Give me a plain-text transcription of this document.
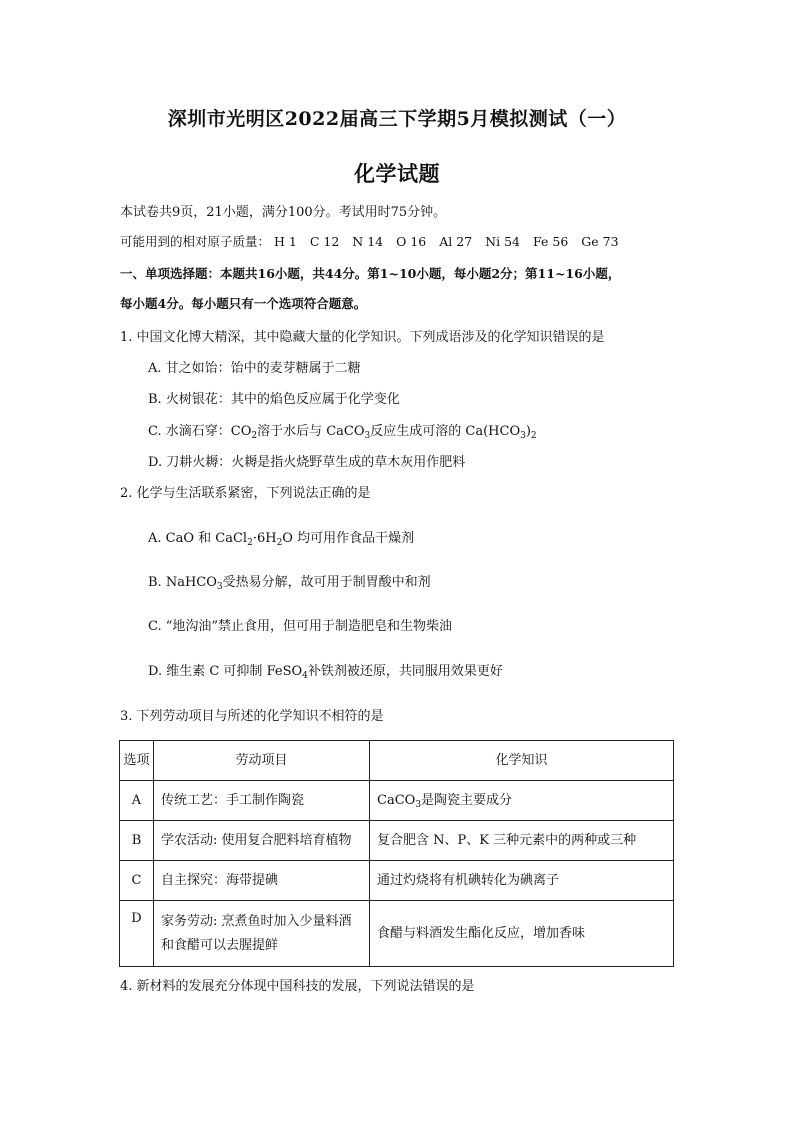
深圳市光明区2022届高三下学期5月模拟测试（一）
化学试题
本试卷共9页，21小题，满分100分。考试用时75分钟。
可能用到的相对原子质量： H 1 C 12 N 14 O 16 Al 27 Ni 54 Fe 56 Ge 73
一、单项选择题：本题共16小题，共44分。第1~10小题，每小题2分；第11~16小题，
每小题4分。每小题只有一个选项符合题意。
1. 中国文化博大精深，其中隐藏大量的化学知识。下列成语涉及的化学知识错误的是
A. 甘之如饴：饴中的麦芽糖属于二糖
B. 火树银花：其中的焰色反应属于化学变化
C. 水滴石穿：$CO_2$溶于水后与 CaCO$_3$反应生成可溶的 $Ca(HCO_3)_2$
D. 刀耕火耨：火耨是指火烧野草生成的草木灰用作肥料
2. 化学与生活联系紧密，下列说法正确的是
A. CaO 和 $CaCl_2\cdot 6H_2O$ 均可用作食品干燥剂
B. NaHCO$_3$受热易分解，故可用于制胃酸中和剂
C. “地沟油”禁止食用，但可用于制造肥皂和生物柴油
D. 维生素 C 可抑制 FeSO$_4$补铁剂被还原，共同服用效果更好
3. 下列劳动项目与所述的化学知识不相符的是
选项	劳动项目	化学知识
A	传统工艺：手工制作陶瓷	CaCO$_3$是陶瓷主要成分
B	学农活动: 使用复合肥料培育植物	复合肥含 N、P、K 三种元素中的两种或三种
C	自主探究：海带提碘	通过灼烧将有机碘转化为碘离子
D	家务劳动: 烹煮鱼时加入少量料酒
和食醋可以去腥提鲜	食醋与料酒发生酯化反应，增加香味
4. 新材料的发展充分体现中国科技的发展，下列说法错误的是
